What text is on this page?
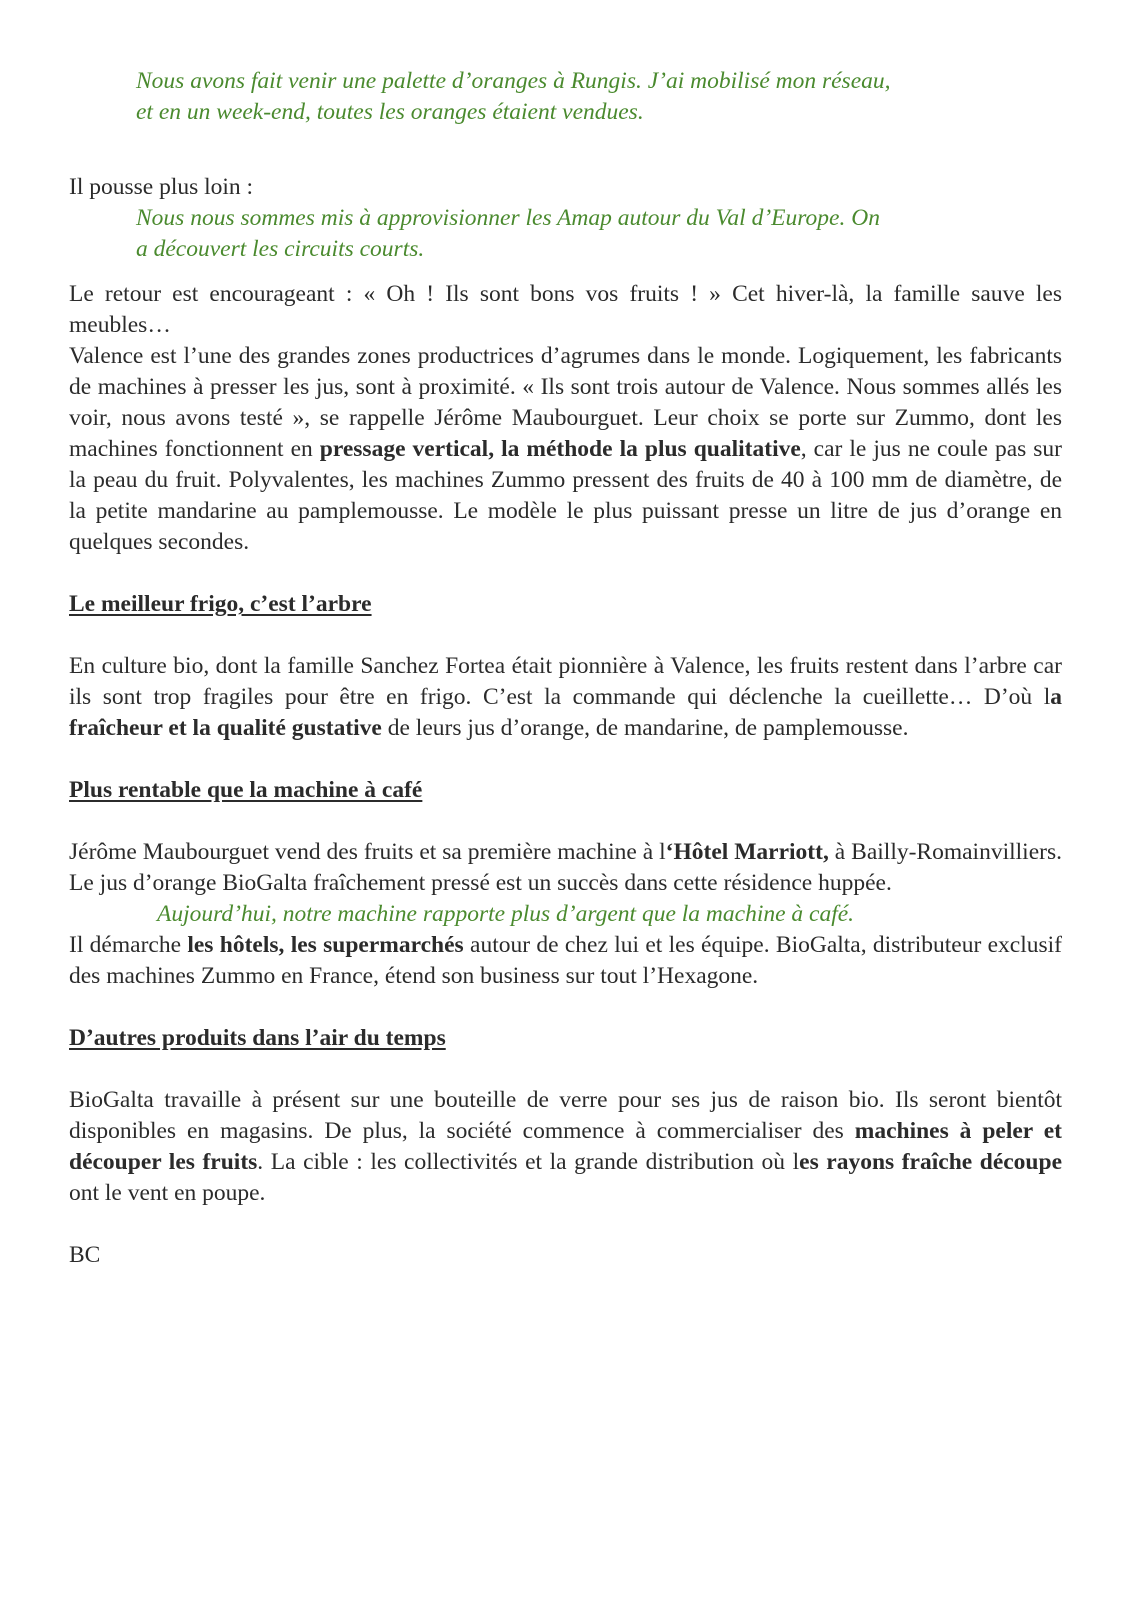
Nous avons fait venir une palette d’oranges à Rungis. J’ai mobilisé mon réseau,
et en un week-end, toutes les oranges étaient vendues.

Il pousse plus loin :

Nous nous sommes mis à approvisionner les Amap autour du Val d’Europe. On
a découvert les circuits courts.

Le retour est encourageant : « Oh ! Ils sont bons vos fruits ! » Cet hiver-là, la famille sauve les meubles…

Valence est l’une des grandes zones productrices d’agrumes dans le monde. Logiquement, les fabricants de machines à presser les jus, sont à proximité. « Ils sont trois autour de Valence. Nous sommes allés les voir, nous avons testé », se rappelle Jérôme Maubourguet. Leur choix se porte sur Zummo, dont les machines fonctionnent en pressage vertical, la méthode la plus qualitative, car le jus ne coule pas sur la peau du fruit. Polyvalentes, les machines Zummo pressent des fruits de 40 à 100 mm de diamètre, de la petite mandarine au pamplemousse. Le modèle le plus puissant presse un litre de jus d’orange en quelques secondes.

Le meilleur frigo, c’est l’arbre

En culture bio, dont la famille Sanchez Fortea était pionnière à Valence, les fruits restent dans l’arbre car ils sont trop fragiles pour être en frigo. C’est la commande qui déclenche la cueillette… D’où la fraîcheur et la qualité gustative de leurs jus d’orange, de mandarine, de pamplemousse.

Plus rentable que la machine à café

Jérôme Maubourguet vend des fruits et sa première machine à l‘Hôtel Marriott, à Bailly-Romainvilliers. Le jus d’orange BioGalta fraîchement pressé est un succès dans cette résidence huppée.

Aujourd’hui, notre machine rapporte plus d’argent que la machine à café.

Il démarche les hôtels, les supermarchés autour de chez lui et les équipe. BioGalta, distributeur exclusif des machines Zummo en France, étend son business sur tout l’Hexagone.

D’autres produits dans l’air du temps

BioGalta travaille à présent sur une bouteille de verre pour ses jus de raison bio. Ils seront bientôt disponibles en magasins. De plus, la société commence à commercialiser des machines à peler et découper les fruits. La cible : les collectivités et la grande distribution où les rayons fraîche découpe ont le vent en poupe.

BC
